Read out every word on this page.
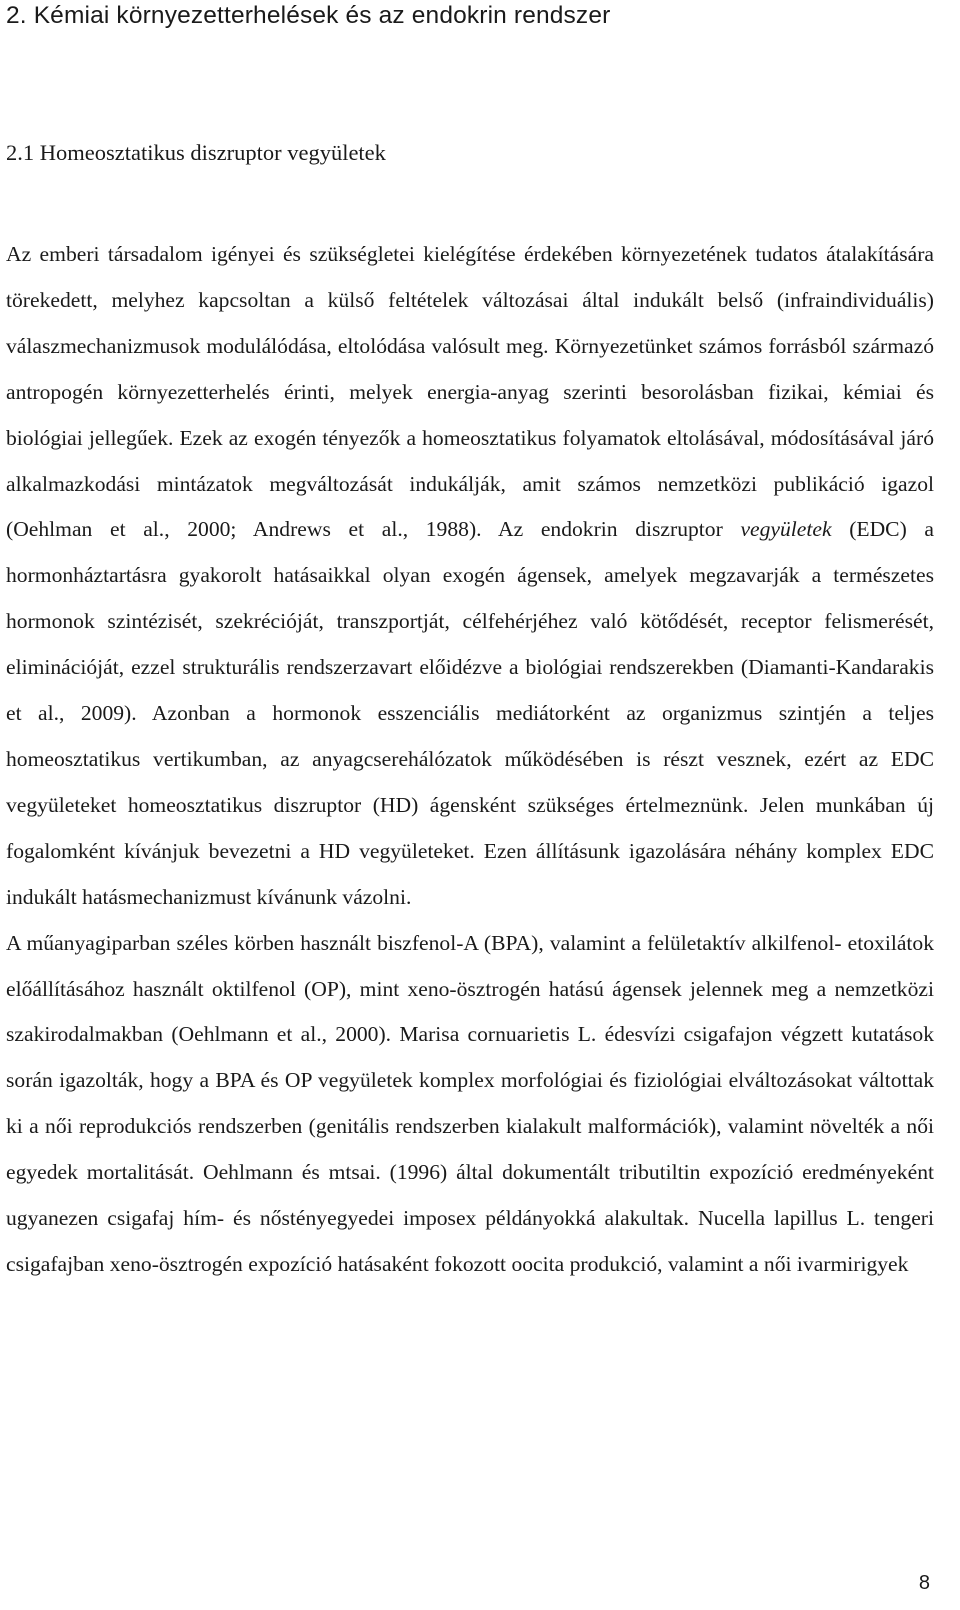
2. Kémiai környezetterhelések és az endokrin rendszer
2.1 Homeosztatikus diszruptor vegyületek

Az emberi társadalom igényei és szükségletei kielégítése érdekében környezetének tudatos átalakítására törekedett, melyhez kapcsoltan a külső feltételek változásai által indukált belső (infraindividuális) válaszmechanizmusok modulálódása, eltolódása valósult meg. Környezetünket számos forrásból származó antropogén környezetterhelés érinti, melyek energia-anyag szerinti besorolásban fizikai, kémiai és biológiai jellegűek. Ezek az exogén tényezők a homeosztatikus folyamatok eltolásával, módosításával járó alkalmazkodási mintázatok megváltozását indukálják, amit számos nemzetközi publikáció igazol (Oehlman et al., 2000; Andrews et al., 1988). Az endokrin diszruptor vegyületek (EDC) a hormonháztartásra gyakorolt hatásaikkal olyan exogén ágensek, amelyek megzavarják a természetes hormonok szintézisét, szekrécióját, transzportját, célfehérjéhez való kötődését, receptor felismerését, eliminációját, ezzel strukturális rendszerzavart előidézve a biológiai rendszerekben (Diamanti-Kandarakis et al., 2009). Azonban a hormonok esszenciális mediátorként az organizmus szintjén a teljes homeosztatikus vertikumban, az anyagcserehálózatok működésében is részt vesznek, ezért az EDC vegyületeket homeosztatikus diszruptor (HD) ágensként szükséges értelmeznünk. Jelen munkában új fogalomként kívánjuk bevezetni a HD vegyületeket. Ezen állításunk igazolására néhány komplex EDC indukált hatásmechanizmust kívánunk vázolni.

A műanyagiparban széles körben használt biszfenol-A (BPA), valamint a felületaktív alkilfenol- etoxilátok előállításához használt oktilfenol (OP), mint xeno-ösztrogén hatású ágensek jelennek meg a nemzetközi szakirodalmakban (Oehlmann et al., 2000). Marisa cornuarietis L. édesvízi csigafajon végzett kutatások során igazolták, hogy a BPA és OP vegyületek komplex morfológiai és fiziológiai elváltozásokat váltottak ki a női reprodukciós rendszerben (genitális rendszerben kialakult malformációk), valamint növelték a női egyedek mortalitását. Oehlmann és mtsai. (1996) által dokumentált tributiltin expozíció eredményeként ugyanezen csigafaj hím- és nőstényegyedei imposex példányokká alakultak. Nucella lapillus L. tengeri csigafajban xeno-ösztrogén expozíció hatásaként fokozott oocita produkció, valamint a női ivarmirigyek

8
